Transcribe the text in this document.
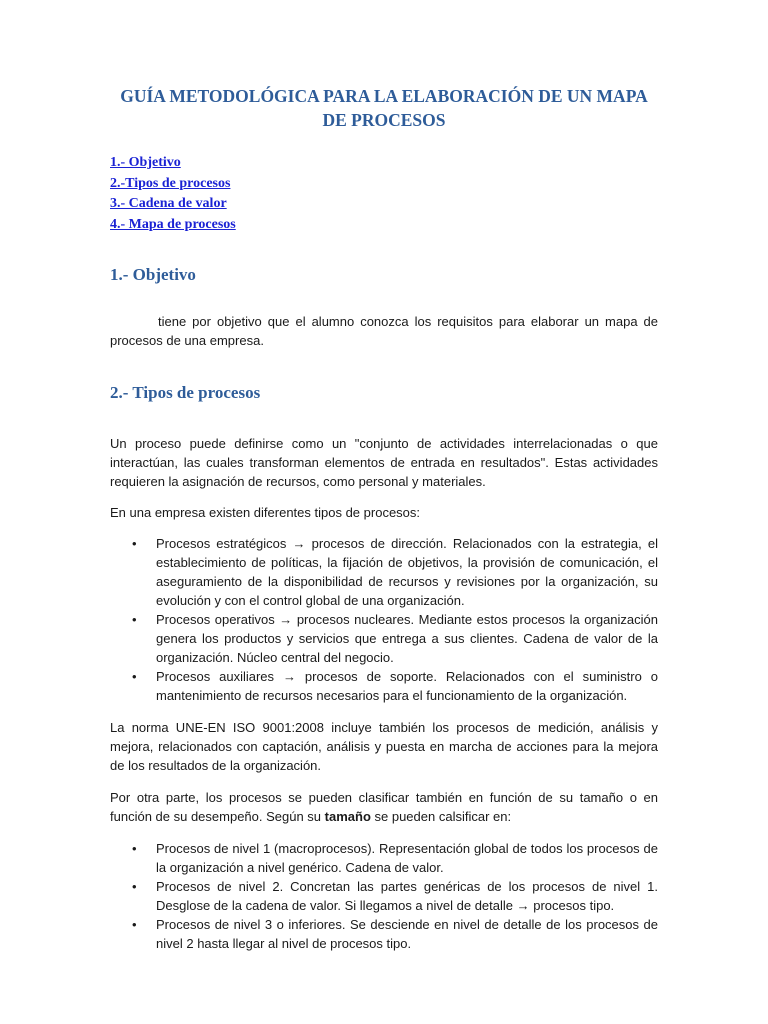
GUÍA METODOLÓGICA PARA LA ELABORACIÓN DE UN MAPA DE PROCESOS
1.- Objetivo
2.-Tipos de procesos
3.- Cadena de valor
4.- Mapa de procesos
1.- Objetivo

tiene por objetivo que el alumno conozca los requisitos para elaborar un mapa de procesos de una empresa.

2.- Tipos de procesos

Un proceso puede definirse como un "conjunto de actividades interrelacionadas o que interactúan, las cuales transforman elementos de entrada en resultados". Estas actividades requieren la asignación de recursos, como personal y materiales.

En una empresa existen diferentes tipos de procesos:

• Procesos estratégicos → procesos de dirección. Relacionados con la estrategia, el establecimiento de políticas, la fijación de objetivos, la provisión de comunicación, el aseguramiento de la disponibilidad de recursos y revisiones por la organización, su evolución y con el control global de una organización.
• Procesos operativos → procesos nucleares. Mediante estos procesos la organización genera los productos y servicios que entrega a sus clientes. Cadena de valor de la organización. Núcleo central del negocio.
• Procesos auxiliares → procesos de soporte. Relacionados con el suministro o mantenimiento de recursos necesarios para el funcionamiento de la organización.

La norma UNE-EN ISO 9001:2008 incluye también los procesos de medición, análisis y mejora, relacionados con captación, análisis y puesta en marcha de acciones para la mejora de los resultados de la organización.

Por otra parte, los procesos se pueden clasificar también en función de su tamaño o en función de su desempeño. Según su tamaño se pueden calsificar en:

• Procesos de nivel 1 (macroprocesos). Representación global de todos los procesos de la organización a nivel genérico. Cadena de valor.
• Procesos de nivel 2. Concretan las partes genéricas de los procesos de nivel 1. Desglose de la cadena de valor. Si llegamos a nivel de detalle → procesos tipo.
• Procesos de nivel 3 o inferiores. Se desciende en nivel de detalle de los procesos de nivel 2 hasta llegar al nivel de procesos tipo.
